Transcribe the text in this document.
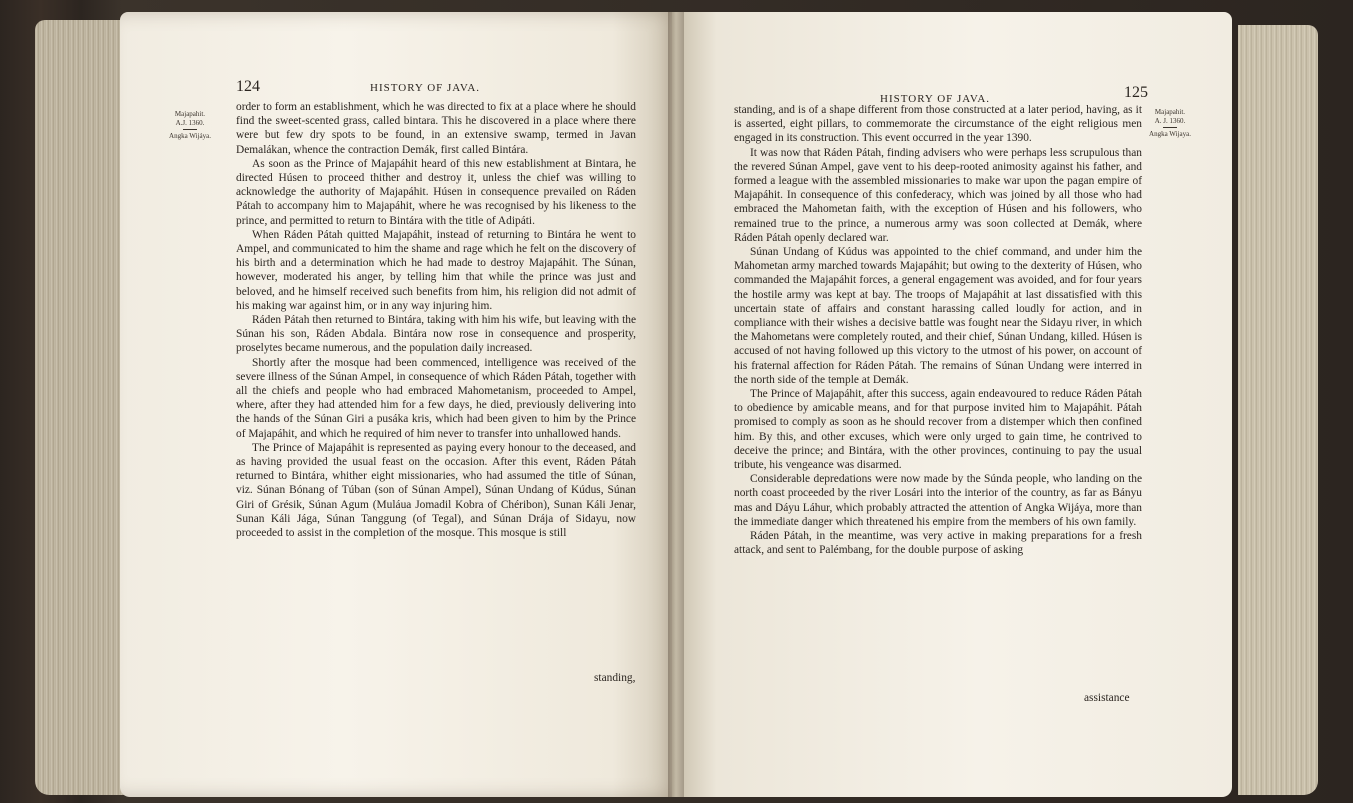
124	HISTORY OF JAVA.
Majapahit.
A.J. 1360.
Angka Wijáya.

order to form an establishment, which he was directed to fix at a place where he should find the sweet-scented grass, called bintara. This he discovered in a place where there were but few dry spots to be found, in an extensive swamp, termed in Javan Demalákan, whence the contraction Demák, first called Bintára.

As soon as the Prince of Majapáhit heard of this new establishment at Bintara, he directed Húsen to proceed thither and destroy it, unless the chief was willing to acknowledge the authority of Majapáhit. Húsen in consequence prevailed on Ráden Pátah to accompany him to Majapáhit, where he was recognised by his likeness to the prince, and permitted to return to Bintára with the title of Adipáti.

When Ráden Pátah quitted Majapáhit, instead of returning to Bintára he went to Ampel, and communicated to him the shame and rage which he felt on the discovery of his birth and a determination which he had made to destroy Majapáhit. The Súnan, however, moderated his anger, by telling him that while the prince was just and beloved, and he himself received such benefits from him, his religion did not admit of his making war against him, or in any way injuring him.

Ráden Pátah then returned to Bintára, taking with him his wife, but leaving with the Súnan his son, Ráden Abdala. Bintára now rose in consequence and prosperity, proselytes became numerous, and the population daily increased.

Shortly after the mosque had been commenced, intelligence was received of the severe illness of the Súnan Ampel, in consequence of which Ráden Pátah, together with all the chiefs and people who had embraced Mahometanism, proceeded to Ampel, where, after they had attended him for a few days, he died, previously delivering into the hands of the Súnan Giri a pusáka kris, which had been given to him by the Prince of Majapáhit, and which he required of him never to transfer into unhallowed hands.

The Prince of Majapáhit is represented as paying every honour to the deceased, and as having provided the usual feast on the occasion. After this event, Ráden Pátah returned to Bintára, whither eight missionaries, who had assumed the title of Súnan, viz. Súnan Bónang of Túban (son of Súnan Ampel), Súnan Undang of Kúdus, Súnan Giri of Grésik, Súnan Agum (Muláua Jomadil Kobra of Chéribon), Sunan Káli Jenar, Sunan Káli Jága, Súnan Tanggung (of Tegal), and Súnan Drája of Sidayu, now proceeded to assist in the completion of the mosque. This mosque is still

standing,
HISTORY OF JAVA.	125
Majapahit.
A. J. 1360.
Angka Wijaya.

standing, and is of a shape different from those constructed at a later period, having, as it is asserted, eight pillars, to commemorate the circumstance of the eight religious men engaged in its construction. This event occurred in the year 1390.

It was now that Ráden Pátah, finding advisers who were perhaps less scrupulous than the revered Súnan Ampel, gave vent to his deep-rooted animosity against his father, and formed a league with the assembled missionaries to make war upon the pagan empire of Majapáhit. In consequence of this confederacy, which was joined by all those who had embraced the Mahometan faith, with the exception of Húsen and his followers, who remained true to the prince, a numerous army was soon collected at Demák, where Ráden Pátah openly declared war.

Súnan Undang of Kúdus was appointed to the chief command, and under him the Mahometan army marched towards Majapáhit; but owing to the dexterity of Húsen, who commanded the Majapáhit forces, a general engagement was avoided, and for four years the hostile army was kept at bay. The troops of Majapáhit at last dissatisfied with this uncertain state of affairs and constant harassing called loudly for action, and in compliance with their wishes a decisive battle was fought near the Sidayu river, in which the Mahometans were completely routed, and their chief, Súnan Undang, killed. Húsen is accused of not having followed up this victory to the utmost of his power, on account of his fraternal affection for Ráden Pátah. The remains of Súnan Undang were interred in the north side of the temple at Demák.

The Prince of Majapáhit, after this success, again endeavoured to reduce Ráden Pátah to obedience by amicable means, and for that purpose invited him to Majapáhit. Pátah promised to comply as soon as he should recover from a distemper which then confined him. By this, and other excuses, which were only urged to gain time, he contrived to deceive the prince; and Bintára, with the other provinces, continuing to pay the usual tribute, his vengeance was disarmed.

Considerable depredations were now made by the Súnda people, who landing on the north coast proceeded by the river Losári into the interior of the country, as far as Bányu mas and Dáyu Láhur, which probably attracted the attention of Angka Wijáya, more than the immediate danger which threatened his empire from the members of his own family.

Ráden Pátah, in the meantime, was very active in making preparations for a fresh attack, and sent to Palémbang, for the double purpose of asking

assistance
